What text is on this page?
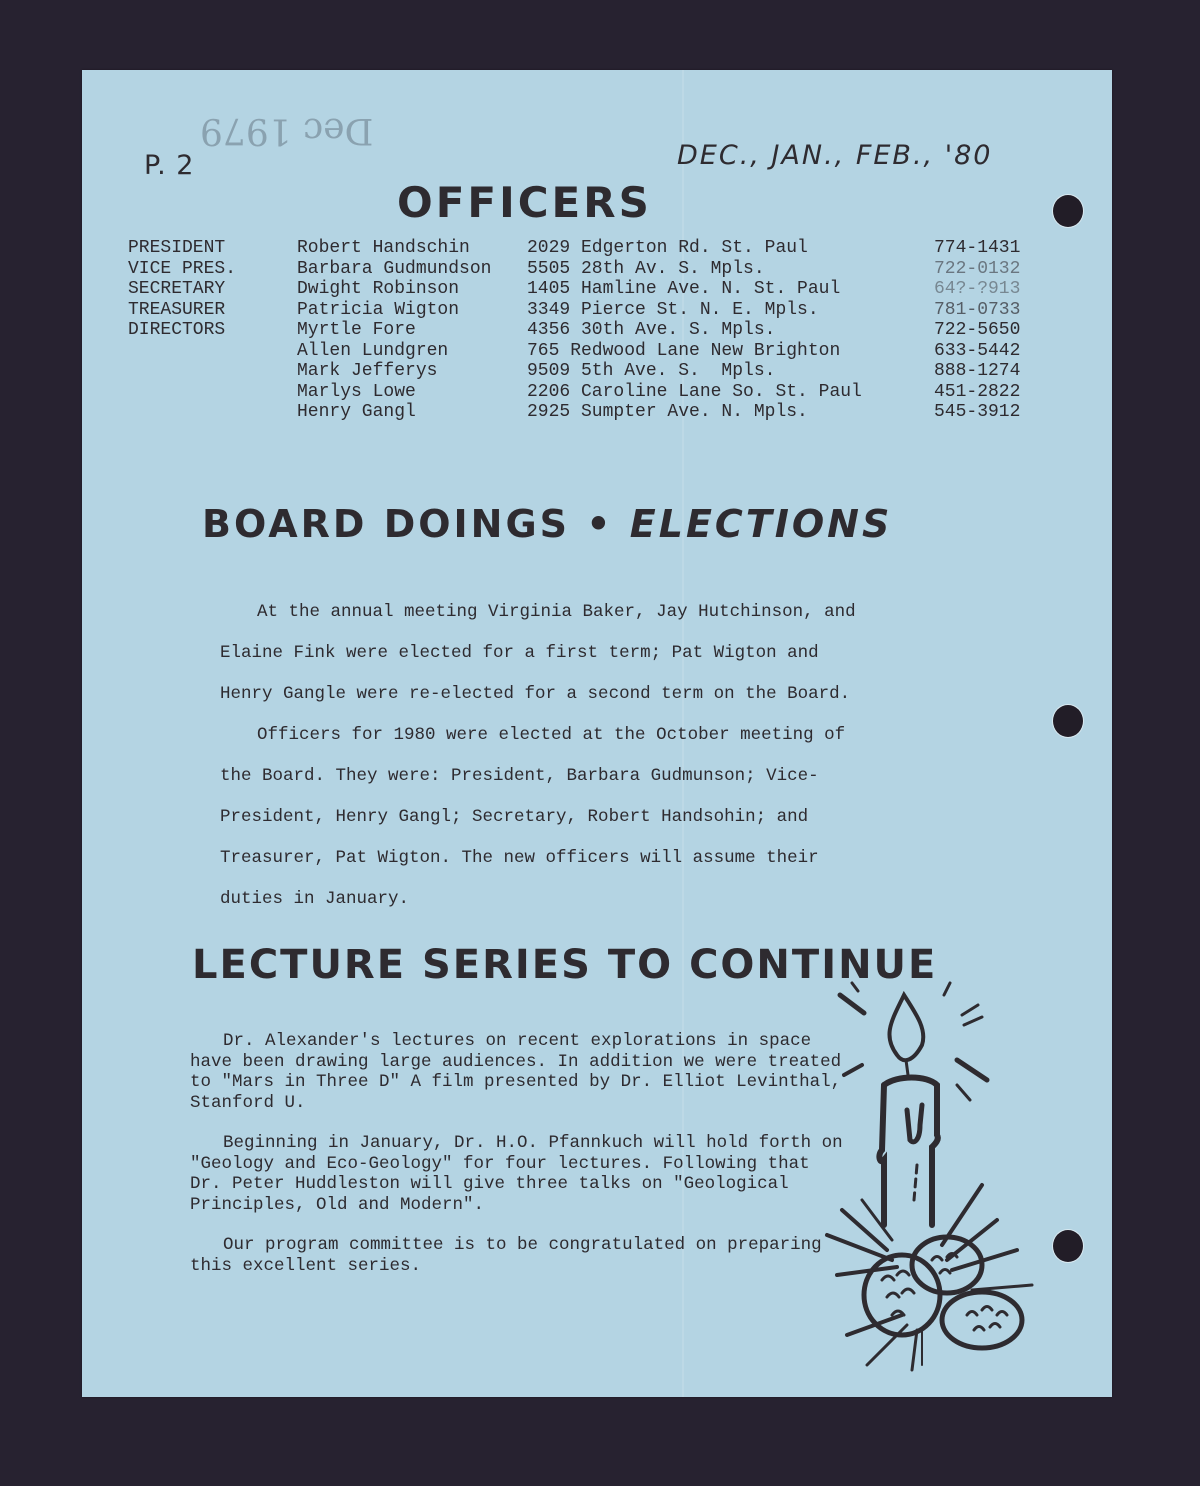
Dec 1979
P. 2	DEC., JAN., FEB., '80
OFFICERS
PRESIDENT
VICE PRES.
SECRETARY
TREASURER
DIRECTORS
Robert Handschin
Barbara Gudmundson
Dwight Robinson
Patricia Wigton
Myrtle Fore
Allen Lundgren
Mark Jefferys
Marlys Lowe
Henry Gangl
2029 Edgerton Rd. St. Paul
5505 28th Av. S. Mpls.
1405 Hamline Ave. N. St. Paul
3349 Pierce St. N. E. Mpls.
4356 30th Ave. S. Mpls.
765 Redwood Lane New Brighton
9509 5th Ave. S.  Mpls.
2206 Caroline Lane So. St. Paul
2925 Sumpter Ave. N. Mpls.
774-1431
722-0132
64?-?913
781-0733
722-5650
633-5442
888-1274
451-2822
545-3912
BOARD DOINGS • ELECTIONS

At the annual meeting Virginia Baker, Jay Hutchinson, and

Elaine Fink were elected for a first term; Pat Wigton and

Henry Gangle were re-elected for a second term on the Board.

Officers for 1980 were elected at the October meeting of

the Board. They were: President, Barbara Gudmunson; Vice-

President, Henry Gangl; Secretary, Robert Handsohin; and

Treasurer, Pat Wigton. The new officers will assume their

duties in January.

LECTURE SERIES TO CONTINUE

Dr. Alexander's lectures on recent explorations in space have been drawing large audiences. In addition we were treated to "Mars in Three D" A film presented by Dr. Elliot Levinthal, Stanford U.

Beginning in January, Dr. H.O. Pfannkuch will hold forth on "Geology and Eco-Geology" for four lectures. Following that Dr. Peter Huddleston will give three talks on "Geological Principles, Old and Modern".

Our program committee is to be congratulated on preparing this excellent series.
